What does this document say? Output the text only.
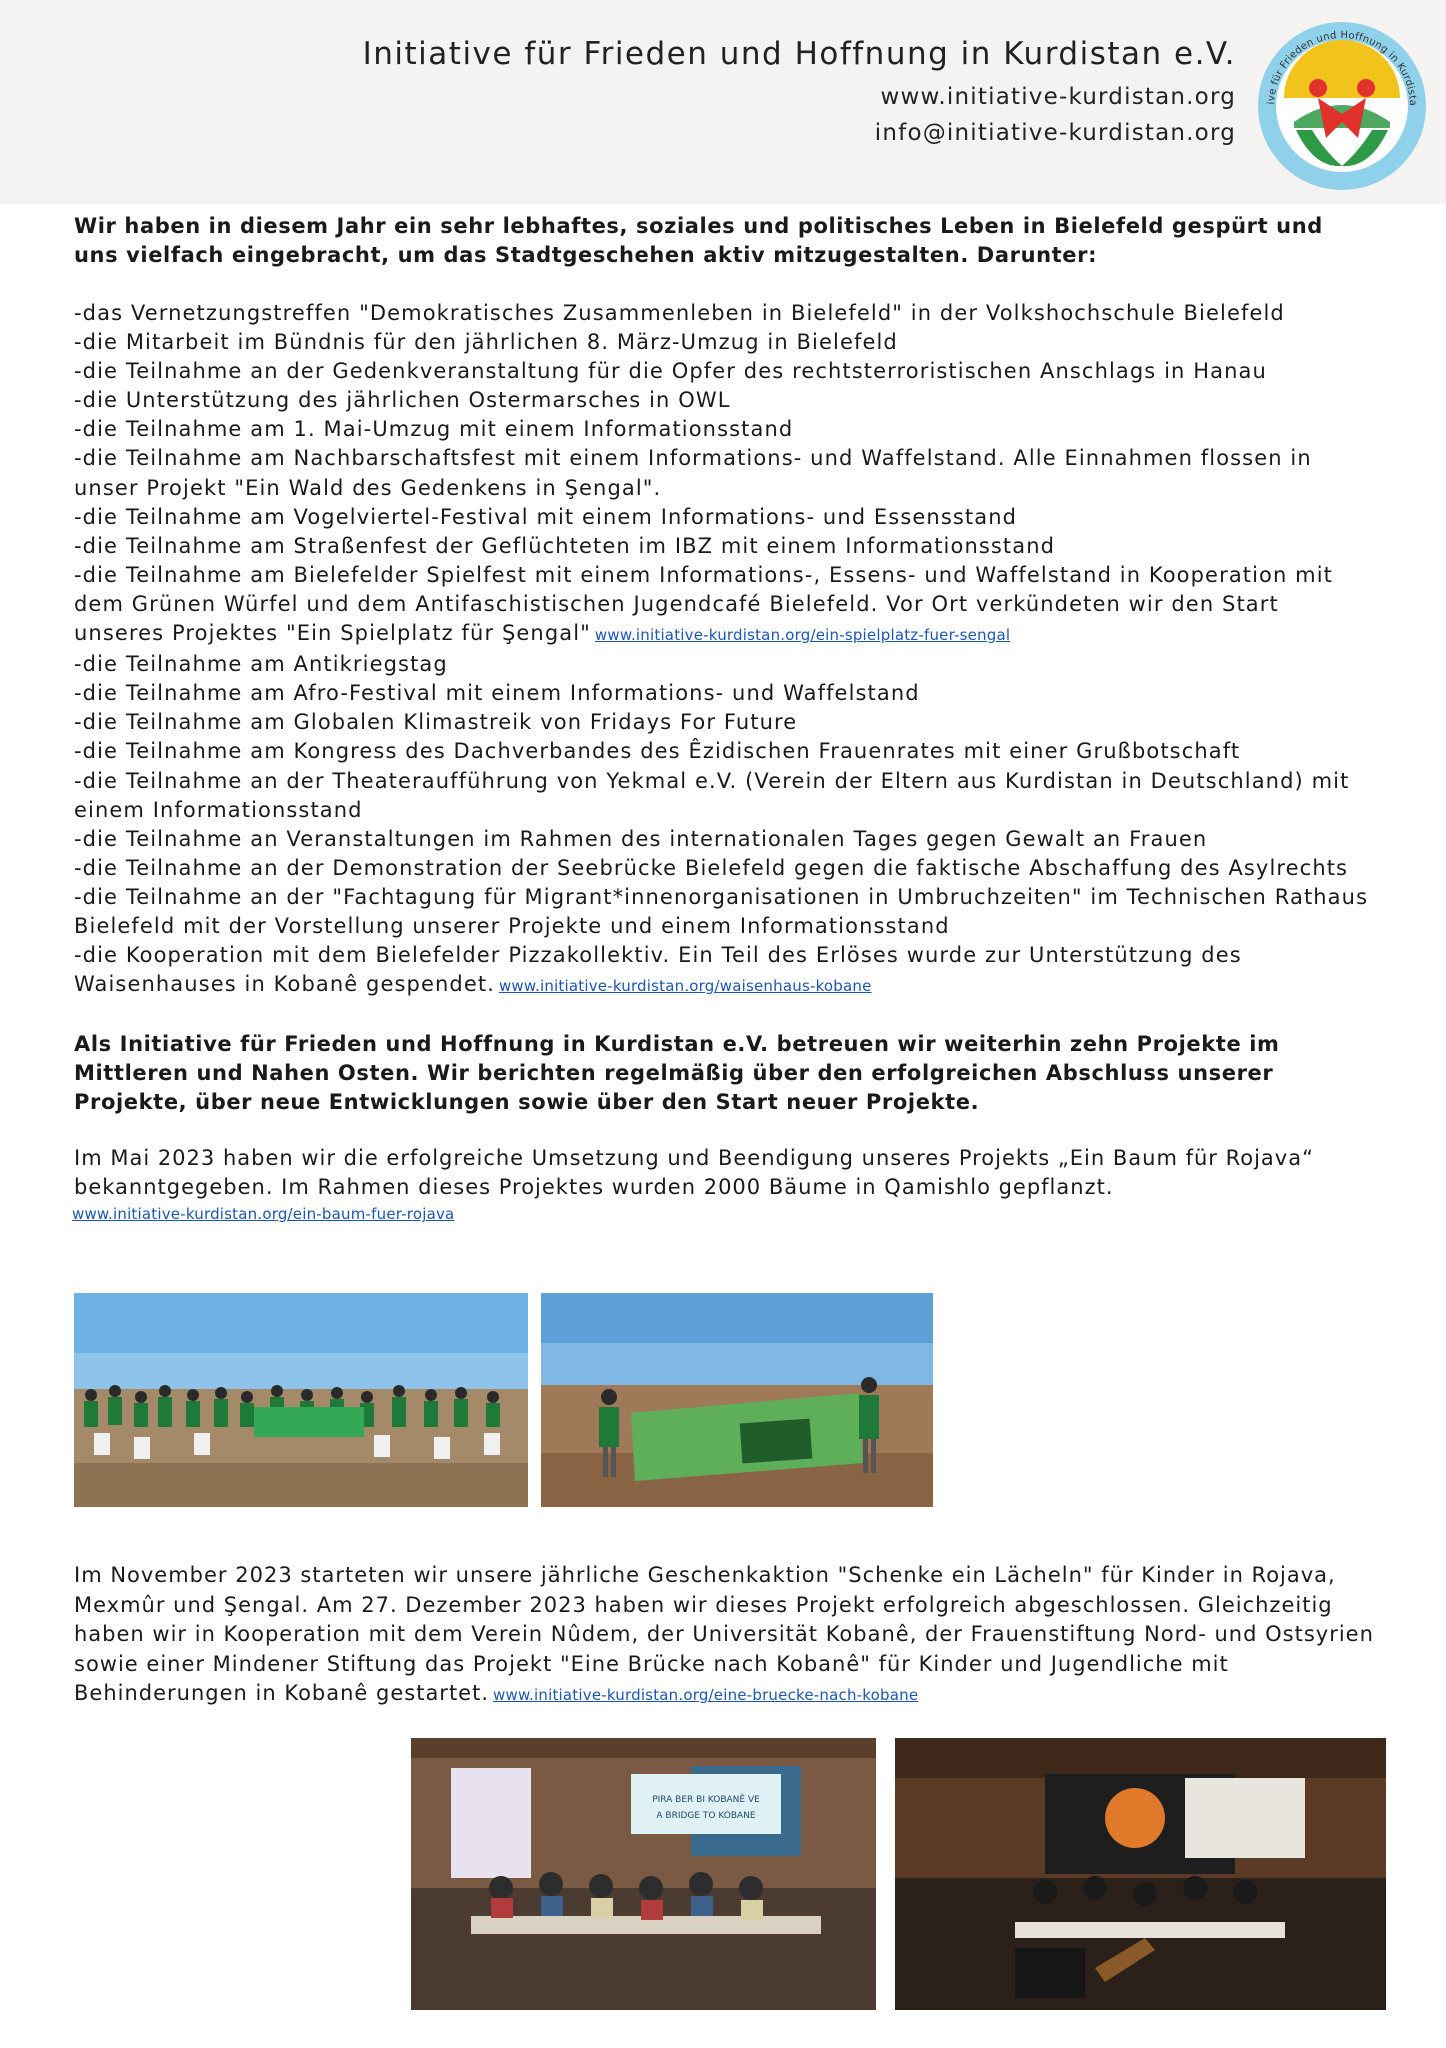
Initiative für Frieden und Hoffnung in Kurdistan e.V.
www.initiative-kurdistan.org
info@initiative-kurdistan.org
ive für Frieden und Hoffnung in Kurdista

Wir haben in diesem Jahr ein sehr lebhaftes, soziales und politisches Leben in Bielefeld gespürt und uns vielfach eingebracht, um das Stadtgeschehen aktiv mitzugestalten. Darunter:

-das Vernetzungstreffen "Demokratisches Zusammenleben in Bielefeld" in der Volkshochschule Bielefeld
-die Mitarbeit im Bündnis für den jährlichen 8. März-Umzug in Bielefeld
-die Teilnahme an der Gedenkveranstaltung für die Opfer des rechtsterroristischen Anschlags in Hanau
-die Unterstützung des jährlichen Ostermarsches in OWL
-die Teilnahme am 1. Mai-Umzug mit einem Informationsstand
-die Teilnahme am Nachbarschaftsfest mit einem Informations- und Waffelstand. Alle Einnahmen flossen in unser Projekt "Ein Wald des Gedenkens in Şengal".
-die Teilnahme am Vogelviertel-Festival mit einem Informations- und Essensstand
-die Teilnahme am Straßenfest der Geflüchteten im IBZ mit einem Informationsstand
-die Teilnahme am Bielefelder Spielfest mit einem Informations-, Essens- und Waffelstand in Kooperation mit dem Grünen Würfel und dem Antifaschistischen Jugendcafé Bielefeld. Vor Ort verkündeten wir den Start unseres Projektes "Ein Spielplatz für Şengal" www.initiative-kurdistan.org/ein-spielplatz-fuer-sengal
-die Teilnahme am Antikriegstag
-die Teilnahme am Afro-Festival mit einem Informations- und Waffelstand
-die Teilnahme am Globalen Klimastreik von Fridays For Future
-die Teilnahme am Kongress des Dachverbandes des Êzidischen Frauenrates mit einer Grußbotschaft
-die Teilnahme an der Theateraufführung von Yekmal e.V. (Verein der Eltern aus Kurdistan in Deutschland) mit einem Informationsstand
-die Teilnahme an Veranstaltungen im Rahmen des internationalen Tages gegen Gewalt an Frauen
-die Teilnahme an der Demonstration der Seebrücke Bielefeld gegen die faktische Abschaffung des Asylrechts
-die Teilnahme an der "Fachtagung für Migrant*innenorganisationen in Umbruchzeiten" im Technischen Rathaus Bielefeld mit der Vorstellung unserer Projekte und einem Informationsstand
-die Kooperation mit dem Bielefelder Pizzakollektiv. Ein Teil des Erlöses wurde zur Unterstützung des Waisenhauses in Kobanê gespendet. www.initiative-kurdistan.org/waisenhaus-kobane

Als Initiative für Frieden und Hoffnung in Kurdistan e.V. betreuen wir weiterhin zehn Projekte im Mittleren und Nahen Osten. Wir berichten regelmäßig über den erfolgreichen Abschluss unserer Projekte, über neue Entwicklungen sowie über den Start neuer Projekte.

Im Mai 2023 haben wir die erfolgreiche Umsetzung und Beendigung unseres Projekts „Ein Baum für Rojava“ bekanntgegeben. Im Rahmen dieses Projektes wurden 2000 Bäume in Qamishlo gepflanzt.

www.initiative-kurdistan.org/ein-baum-fuer-rojava

Im November 2023 starteten wir unsere jährliche Geschenkaktion "Schenke ein Lächeln" für Kinder in Rojava, Mexmûr und Şengal. Am 27. Dezember 2023 haben wir dieses Projekt erfolgreich abgeschlossen. Gleichzeitig haben wir in Kooperation mit dem Verein Nûdem, der Universität Kobanê, der Frauenstiftung Nord- und Ostsyrien sowie einer Mindener Stiftung das Projekt "Eine Brücke nach Kobanê" für Kinder und Jugendliche mit Behinderungen in Kobanê gestartet. www.initiative-kurdistan.org/eine-bruecke-nach-kobane

PIRA BER BI KOBANÊ VE
A BRIDGE TO KOBANE
